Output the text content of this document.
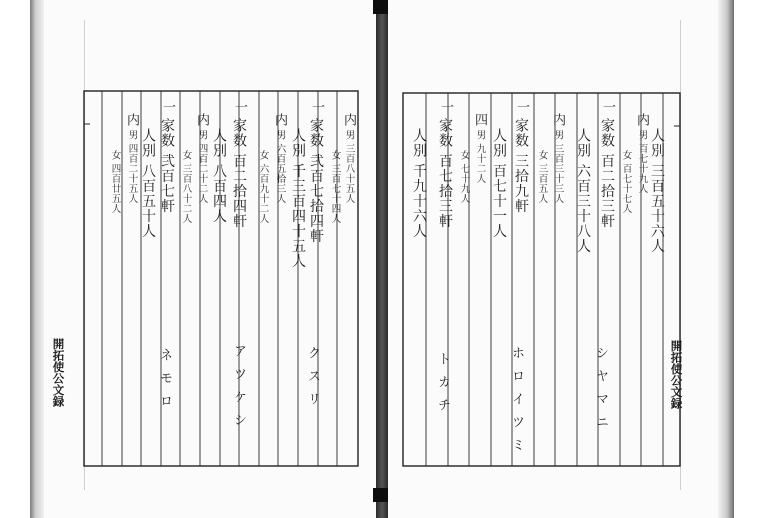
開拓使公文録
内
男 三百八十五人
女 三百七十四人
一
家数 弐百七拾四軒
人別 千三百四十五人
内
男 六百五拾三人
女 六百九十二人
一
家数 百二拾四軒
人別 八百四人
内
男 四百二十二人
女 三百八十二人
一
家数 弐百七軒
人別 八百五十人
内
男 四百二十五人
女 四百廿五人
クスリ
アツケシ
ネモロ	開拓使公文録
人別 三百五十六人
内
男 百七十九人
女 百七十七人
一
家数 百二拾三軒
人別 六百三十八人
内
男 三百三十三人
女 三百五人
一
家数 三拾九軒
人別 百七十一人
四
男 九十二人
女 七十九人
一
家数 百七拾三軒
人別 千九十六人
シヤマニ
ホロイツミ
トカチ
